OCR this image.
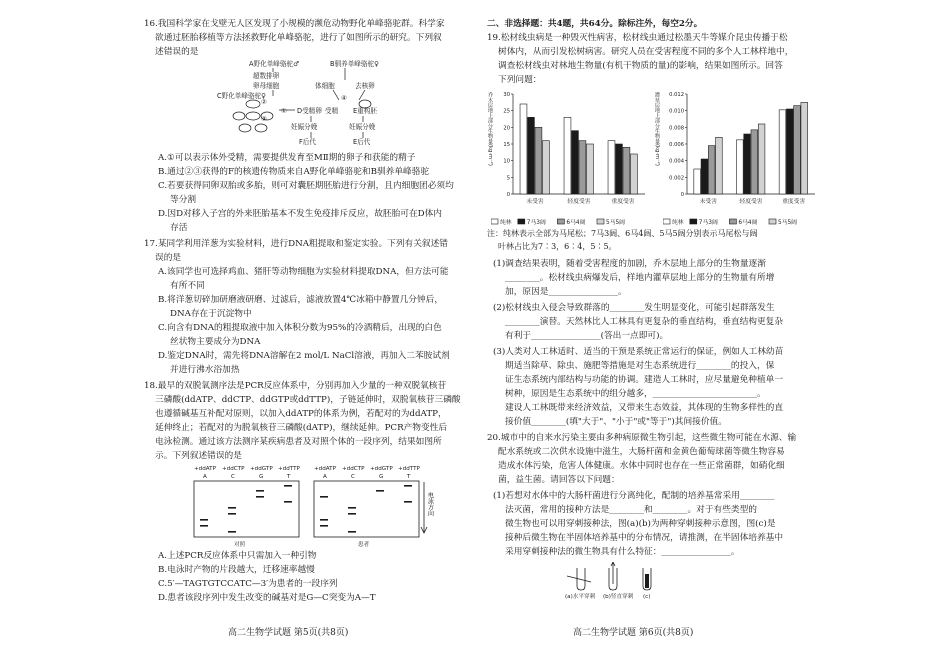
16.我国科学家在戈壁无人区发现了小规模的濒危动物野化单峰骆驼群。科学家
欲通过胚胎移植等方法拯救野化单峰骆驼，进行了如图所示的研究。下列叙
述错误的是
A野化单峰骆驼♂	B驯养单峰骆驼♀
超数排卵
卵母细胞	体细胞	去核卵
C野化单峰骆驼♀
受精
D受精卵	E重构胚
妊娠分娩	妊娠分娩
E后代
F后代
①
②
③
④
A.①可以表示体外受精，需要提供发育至MⅡ期的卵子和获能的精子
B.通过②③获得的F的核遗传物质来自A野化单峰骆驼和B驯养单峰骆驼
C.若要获得同卵双胎或多胎，则可对囊胚期胚胎进行分割，且内细胞团必须均
等分割
D.因D对移入子宫的外来胚胎基本不发生免疫排斥反应，故胚胎可在D体内
存活
17.某同学利用洋葱为实验材料，进行DNA粗提取和鉴定实验。下列有关叙述错
误的是
A.该同学也可选择鸡血、猪肝等动物细胞为实验材料提取DNA，但方法可能
有所不同
B.将洋葱切碎加研磨液研磨、过滤后，滤液放置4℃冰箱中静置几分钟后，
DNA存在于沉淀物中
C.向含有DNA的粗提取液中加入体积分数为95%的冷酒精后，出现的白色
丝状物主要成分为DNA
D.鉴定DNA时，需先将DNA溶解在2 mol/L NaCl溶液，再加入二苯胺试剂
并进行沸水浴加热
18.最早的双脱氧测序法是PCR反应体系中，分别再加入少量的一种双脱氧核苷
三磷酸(ddATP、ddCTP、ddGTP或ddTTP)，子链延伸时，双脱氧核苷三磷酸
也遵循碱基互补配对原则，以加入ddATP的体系为例，若配对的为ddATP，
延伸终止；若配对的为脱氧核苷三磷酸(dATP)，继续延伸。PCR产物变性后
电泳检测。通过该方法测序某疾病患者及对照个体的一段序列，结果如图所
示。下列叙述错误的是
+ddATP +ddCTP +ddGTP +ddTTP	+ddATP +ddCTP +ddGTP +ddTTP
A	C	G	T	A	C	G	T
对照	患者
电泳方向
A.上述PCR反应体系中只需加入一种引物
B.电泳时产物的片段越大，迁移速率越慢
C.5′—TAGTGTCCATC—3′为患者的一段序列
D.患者该段序列中发生改变的碱基对是G—C突变为A—T
高二生物学试题 第5页(共8页)
二、非选择题：共4题，共64分。除标注外，每空2分。
19.松材线虫病是一种毁灭性病害，松材线虫通过松墨天牛等媒介昆虫传播于松
树体内，从而引发松树病害。研究人员在受害程度不同的多个人工林样地中，
调查松材线虫对林地生物量(有机干物质的量)的影响，结果如图所示。回答
下列问题：
乔木层地上部分生物量(kg·m⁻²)
0
5
10
15
20
25
30
未受害	轻度受害	重度受害
灌草层地上部分生物量(kg·m⁻²)
0
0.002
0.004
0.006
0.008
0.010
0.012
未受害	轻度受害	重度受害
纯林	7马3阔	6马4阔	5马5阔	纯林	7马3阔	6马4阔	5马5阔
注：纯林表示全部为马尾松；7马3阔、6马4阔、5马5阔分别表示马尾松与阔
叶林占比为7∶3，6∶4，5∶5。
(1)调查结果表明，随着受害程度的加剧，乔木层地上部分的生物量逐渐
________。松材线虫病爆发后，样地内灌草层地上部分的生物量有所增
加，原因是________________。
(2)松材线虫入侵会导致群落的________发生明显变化，可能引起群落发生
________演替。天然林比人工林具有更复杂的垂直结构，垂直结构更复杂
有利于________________(答出一点即可)。
(3)人类对人工林适时、适当的干预是系统正常运行的保证，例如人工林幼苗
期适当除草、除虫、施肥等措施是对生态系统进行________的投入，保
证生态系统内部结构与功能的协调。建造人工林时，应尽量避免种植单一
树种，原因是生态系统中的组分越多，________________________。
建设人工林既带来经济效益，又带来生态效益，其体现的生物多样性的直
接价值________(填"大于"、"小于"或"等于")其间接价值。
20.城市中的自来水污染主要由多种病原微生物引起，这些微生物可能在水源、输
配水系统或二次供水设施中滋生，大肠杆菌和金黄色葡萄球菌等微生物容易
造成水体污染，危害人体健康。水体中同时也存在一些正常菌群，如硝化细
菌，益生菌。请回答以下问题：
(1)若想对水体中的大肠杆菌进行分离纯化，配制的培养基常采用________
法灭菌，常用的接种方法是________和________。对于有些类型的
微生物也可以用穿刺接种法，图(a)(b)为两种穿刺接种示意图，图(c)是
接种后微生物在半固体培养基中的分布情况，请推测，在半固体培养基中
采用穿刺接种法的微生物具有什么特征：________________。
(a)水平穿刺 (b)竖直穿刺 (c)
高二生物学试题 第6页(共8页)
